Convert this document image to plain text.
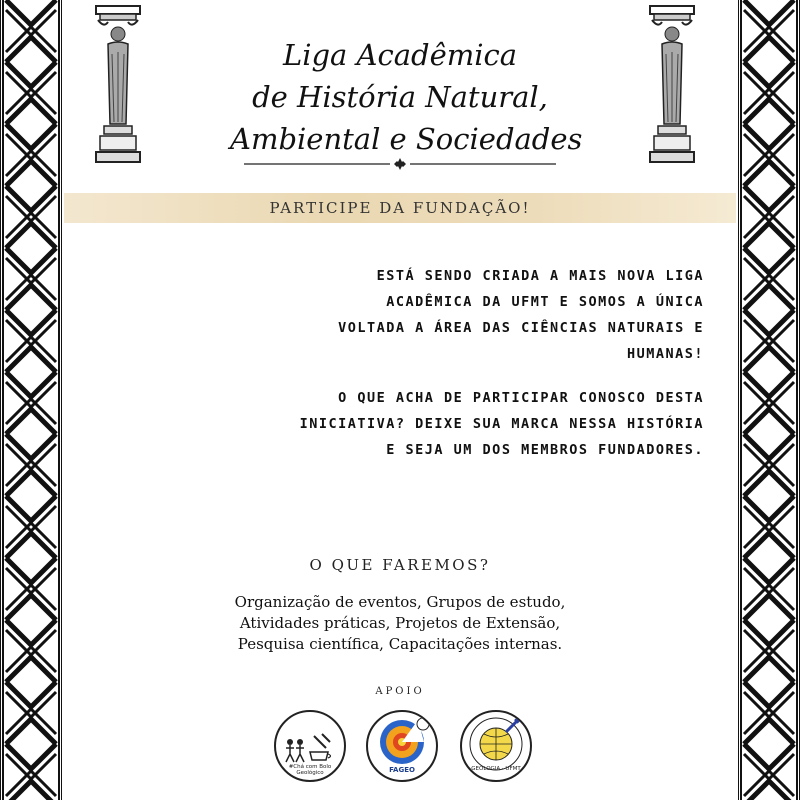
Liga Acadêmica
de História Natural,
Ambiental e Sociedades
PARTICIPE DA FUNDAÇÃO!
ESTÁ SENDO CRIADA A MAIS NOVA LIGA
ACADÊMICA DA UFMT E SOMOS A ÚNICA
VOLTADA A ÁREA DAS CIÊNCIAS NATURAIS E
HUMANAS!
O QUE ACHA DE PARTICIPAR CONOSCO DESTA
INICIATIVA? DEIXE SUA MARCA NESSA HISTÓRIA
E SEJA UM DOS MEMBROS FUNDADORES.
O QUE FAREMOS?
Organização de eventos, Grupos de estudo,
Atividades práticas, Projetos de Extensão,
Pesquisa científica, Capacitações internas.
APOIO
#Chá com Bolo Geológico	FAGEO	GEOLOGIA · UFMT
